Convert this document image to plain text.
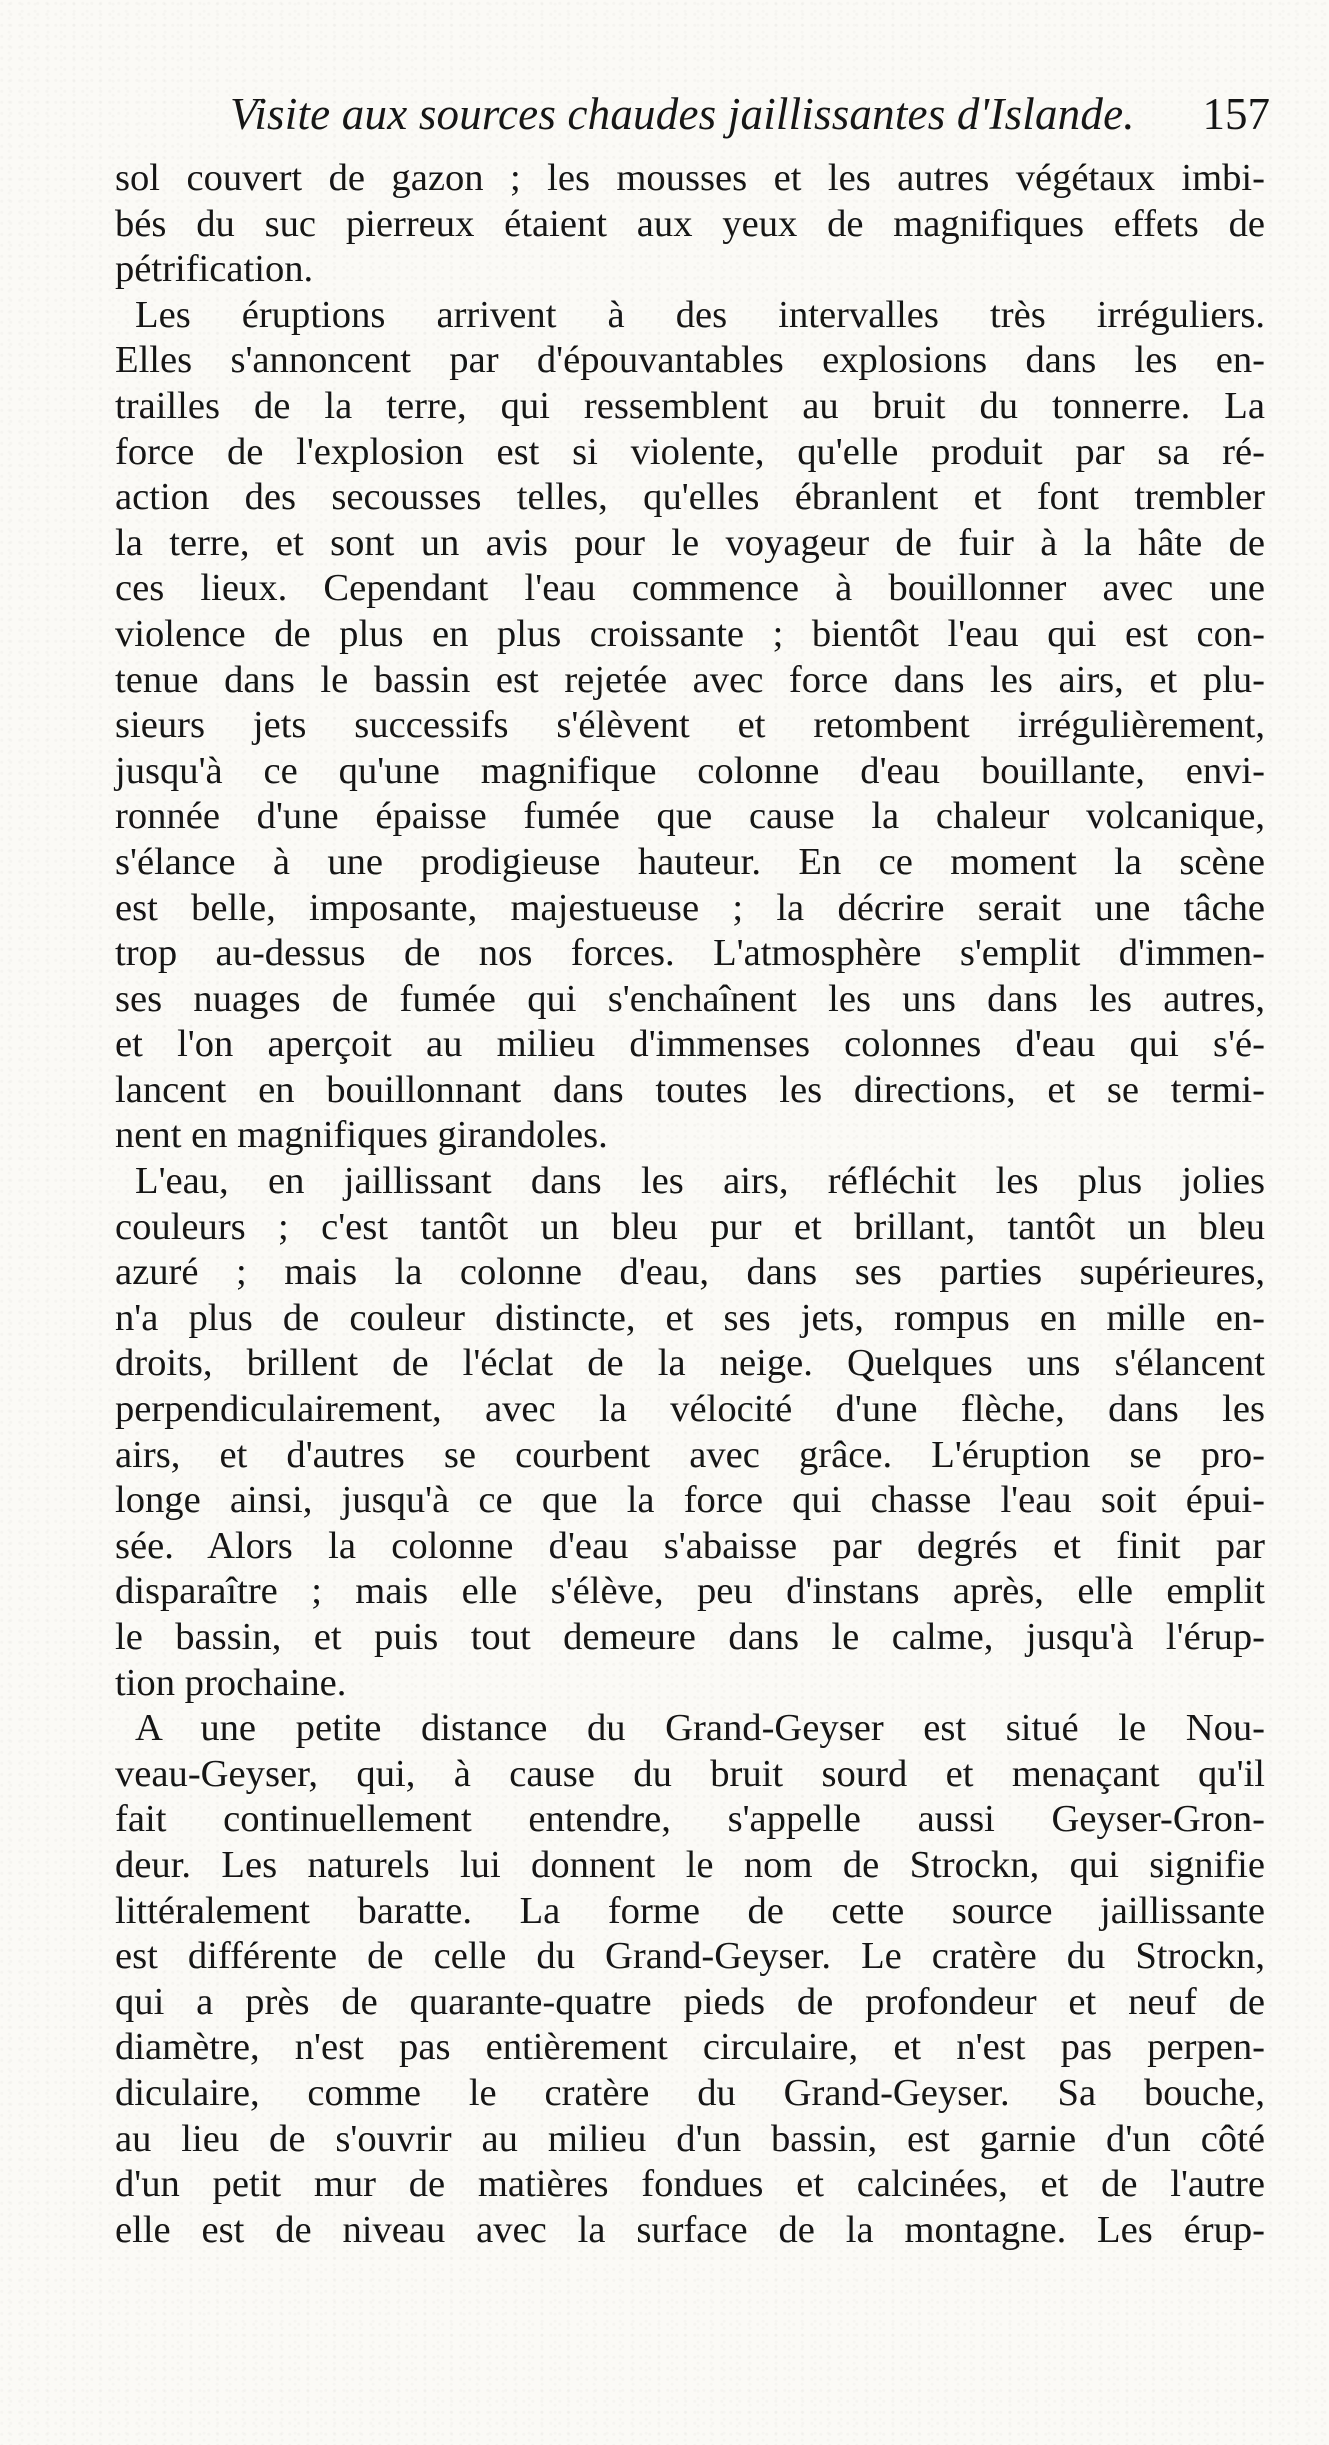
Visite aux sources chaudes jaillissantes d'Islande. 157
sol couvert de gazon ; les mousses et les autres végétaux imbi-
bés du suc pierreux étaient aux yeux de magnifiques effets de
pétrification.
Les éruptions arrivent à des intervalles très irréguliers.
Elles s'annoncent par d'épouvantables explosions dans les en-
trailles de la terre, qui ressemblent au bruit du tonnerre. La
force de l'explosion est si violente, qu'elle produit par sa ré-
action des secousses telles, qu'elles ébranlent et font trembler
la terre, et sont un avis pour le voyageur de fuir à la hâte de
ces lieux. Cependant l'eau commence à bouillonner avec une
violence de plus en plus croissante ; bientôt l'eau qui est con-
tenue dans le bassin est rejetée avec force dans les airs, et plu-
sieurs jets successifs s'élèvent et retombent irrégulièrement,
jusqu'à ce qu'une magnifique colonne d'eau bouillante, envi-
ronnée d'une épaisse fumée que cause la chaleur volcanique,
s'élance à une prodigieuse hauteur. En ce moment la scène
est belle, imposante, majestueuse ; la décrire serait une tâche
trop au-dessus de nos forces. L'atmosphère s'emplit d'immen-
ses nuages de fumée qui s'enchaînent les uns dans les autres,
et l'on aperçoit au milieu d'immenses colonnes d'eau qui s'é-
lancent en bouillonnant dans toutes les directions, et se termi-
nent en magnifiques girandoles.
L'eau, en jaillissant dans les airs, réfléchit les plus jolies
couleurs ; c'est tantôt un bleu pur et brillant, tantôt un bleu
azuré ; mais la colonne d'eau, dans ses parties supérieures,
n'a plus de couleur distincte, et ses jets, rompus en mille en-
droits, brillent de l'éclat de la neige. Quelques uns s'élancent
perpendiculairement, avec la vélocité d'une flèche, dans les
airs, et d'autres se courbent avec grâce. L'éruption se pro-
longe ainsi, jusqu'à ce que la force qui chasse l'eau soit épui-
sée. Alors la colonne d'eau s'abaisse par degrés et finit par
disparaître ; mais elle s'élève, peu d'instans après, elle emplit
le bassin, et puis tout demeure dans le calme, jusqu'à l'érup-
tion prochaine.
A une petite distance du Grand-Geyser est situé le Nou-
veau-Geyser, qui, à cause du bruit sourd et menaçant qu'il
fait continuellement entendre, s'appelle aussi Geyser-Gron-
deur. Les naturels lui donnent le nom de Strockn, qui signifie
littéralement baratte. La forme de cette source jaillissante
est différente de celle du Grand-Geyser. Le cratère du Strockn,
qui a près de quarante-quatre pieds de profondeur et neuf de
diamètre, n'est pas entièrement circulaire, et n'est pas perpen-
diculaire, comme le cratère du Grand-Geyser. Sa bouche,
au lieu de s'ouvrir au milieu d'un bassin, est garnie d'un côté
d'un petit mur de matières fondues et calcinées, et de l'autre
elle est de niveau avec la surface de la montagne. Les érup-
